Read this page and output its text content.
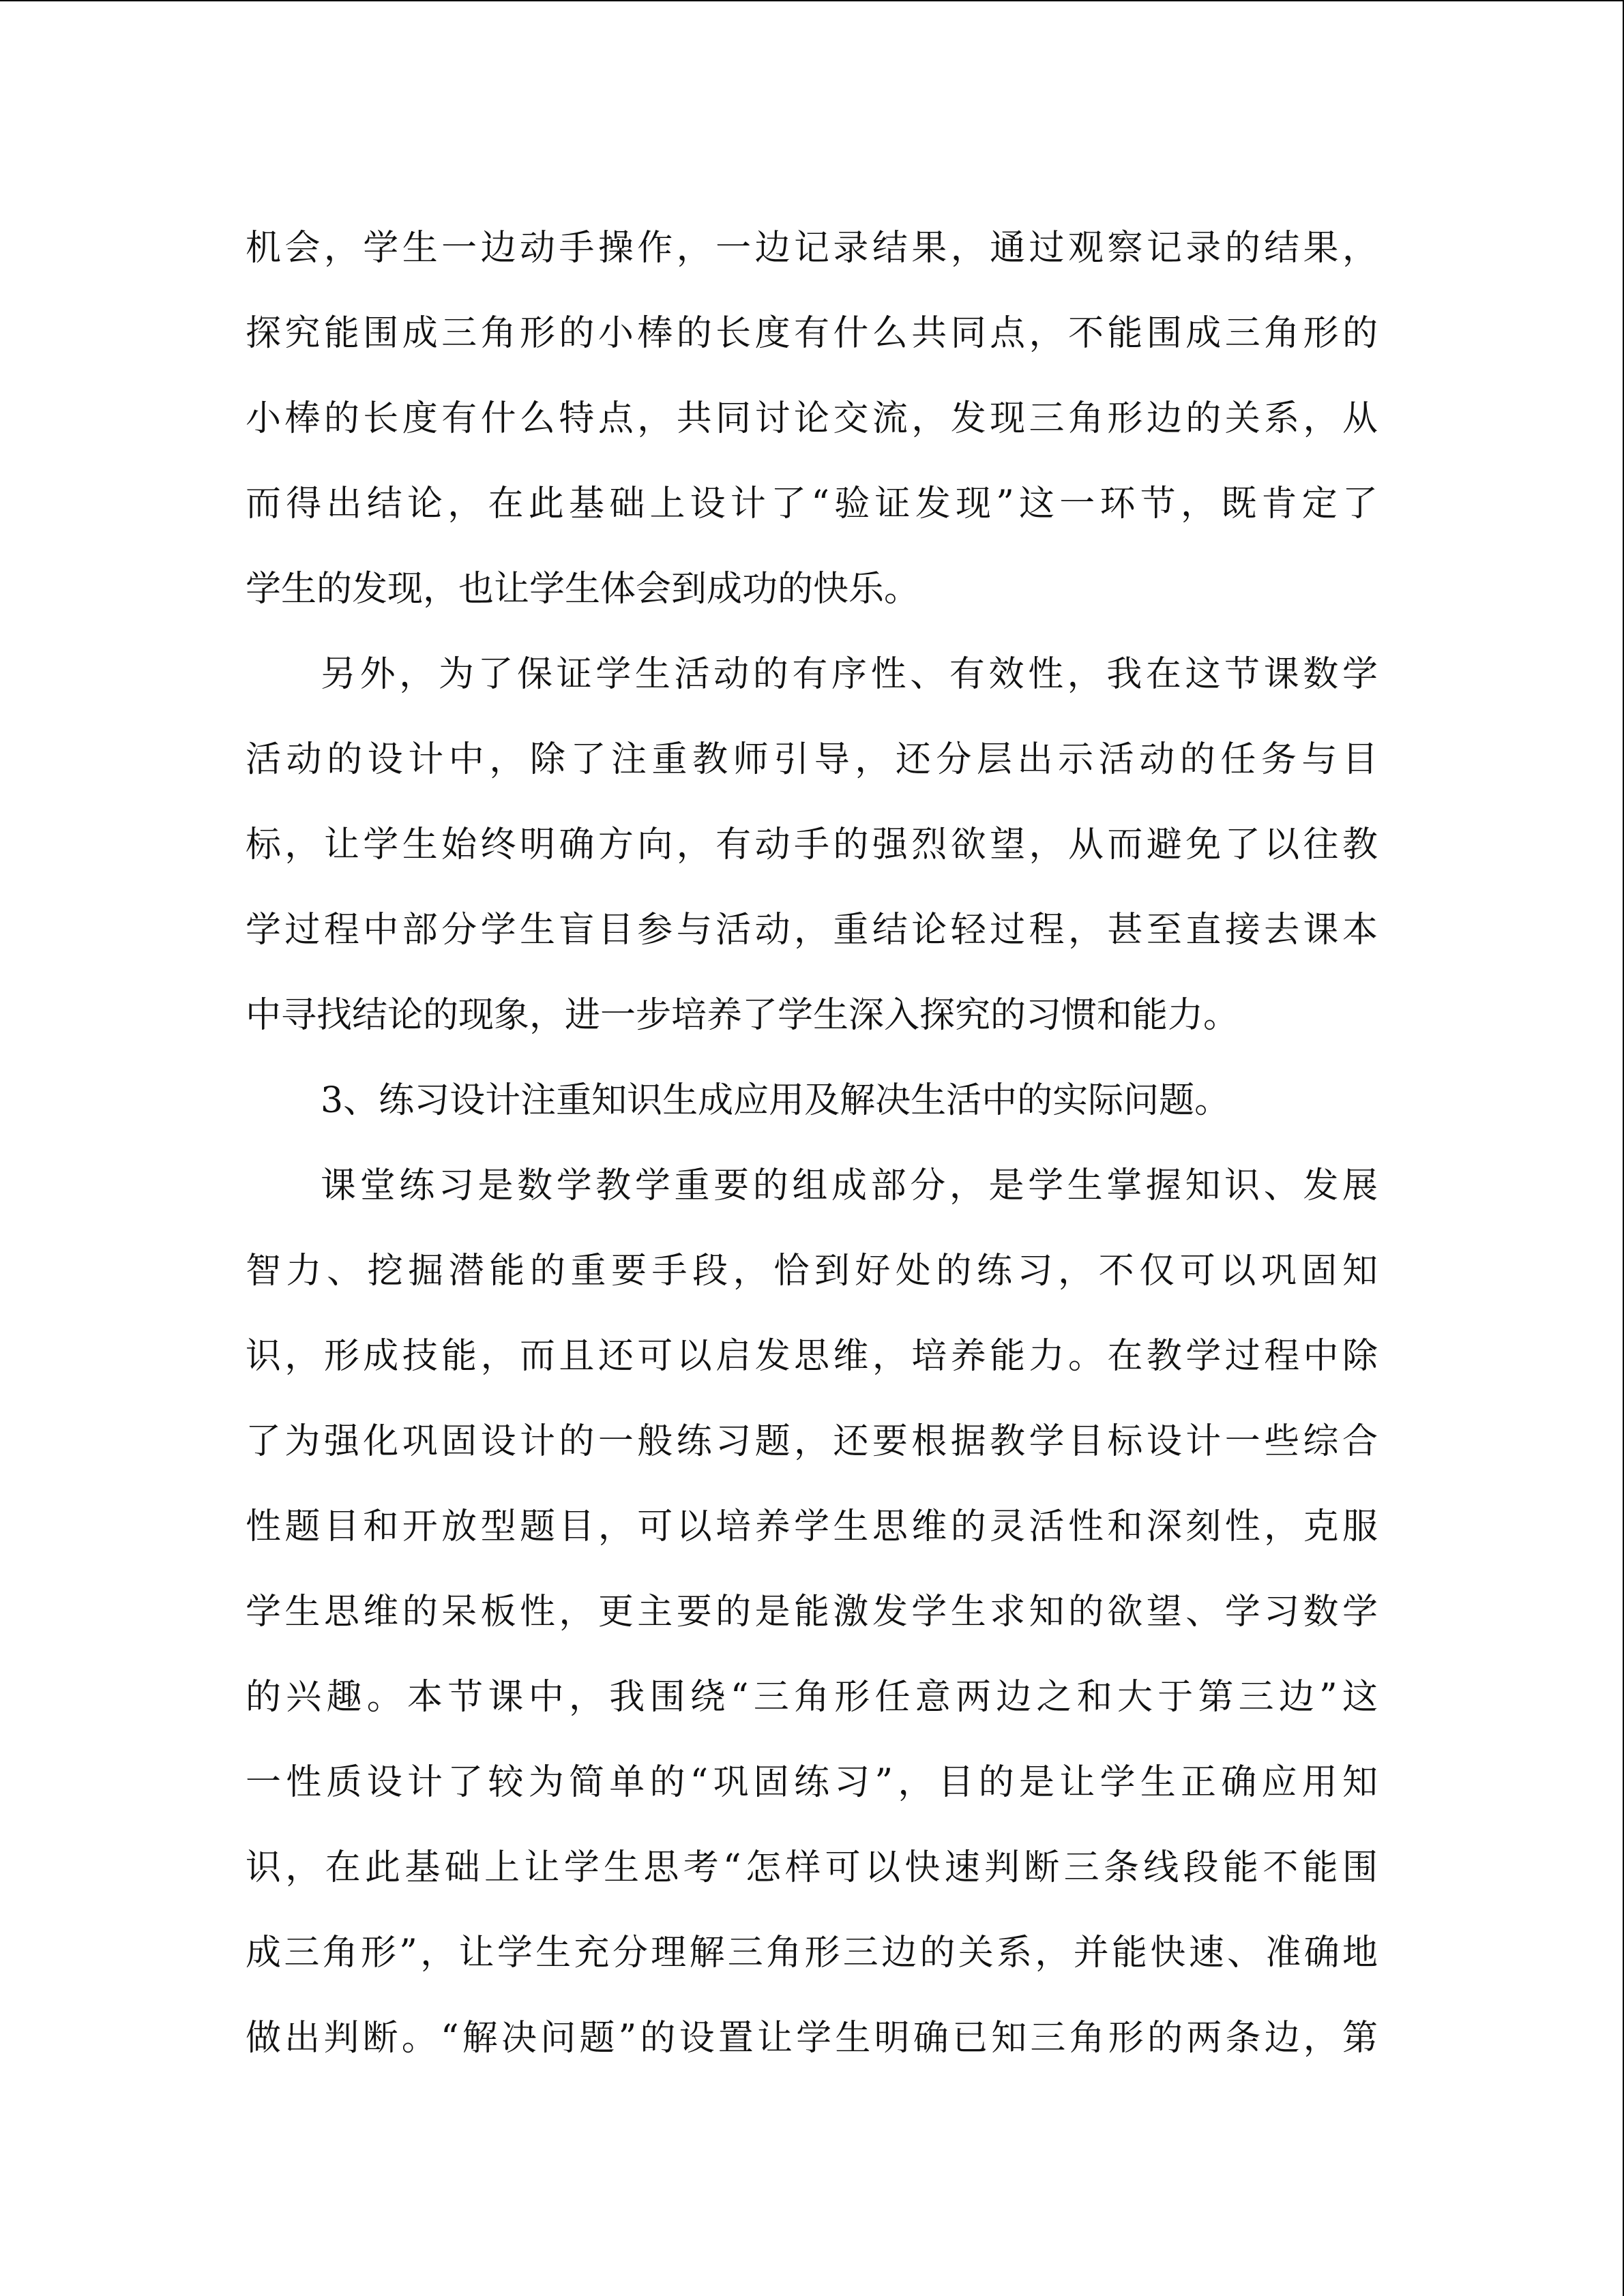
机会，学生一边动手操作，一边记录结果，通过观察记录的结果，
探究能围成三角形的小棒的长度有什么共同点，不能围成三角形的
小棒的长度有什么特点，共同讨论交流，发现三角形边的关系，从
而得出结论，在此基础上设计了“验证发现”这一环节，既肯定了
学生的发现，也让学生体会到成功的快乐。
另外，为了保证学生活动的有序性、有效性，我在这节课数学
活动的设计中，除了注重教师引导，还分层出示活动的任务与目
标，让学生始终明确方向，有动手的强烈欲望，从而避免了以往教
学过程中部分学生盲目参与活动，重结论轻过程，甚至直接去课本
中寻找结论的现象，进一步培养了学生深入探究的习惯和能力。
3、练习设计注重知识生成应用及解决生活中的实际问题。
课堂练习是数学教学重要的组成部分，是学生掌握知识、发展
智力、挖掘潜能的重要手段，恰到好处的练习，不仅可以巩固知
识，形成技能，而且还可以启发思维，培养能力。在教学过程中除
了为强化巩固设计的一般练习题，还要根据教学目标设计一些综合
性题目和开放型题目，可以培养学生思维的灵活性和深刻性，克服
学生思维的呆板性，更主要的是能激发学生求知的欲望、学习数学
的兴趣。本节课中，我围绕“三角形任意两边之和大于第三边”这
一性质设计了较为简单的“巩固练习”，目的是让学生正确应用知
识，在此基础上让学生思考“怎样可以快速判断三条线段能不能围
成三角形”，让学生充分理解三角形三边的关系，并能快速、准确地
做出判断。“解决问题”的设置让学生明确已知三角形的两条边，第
